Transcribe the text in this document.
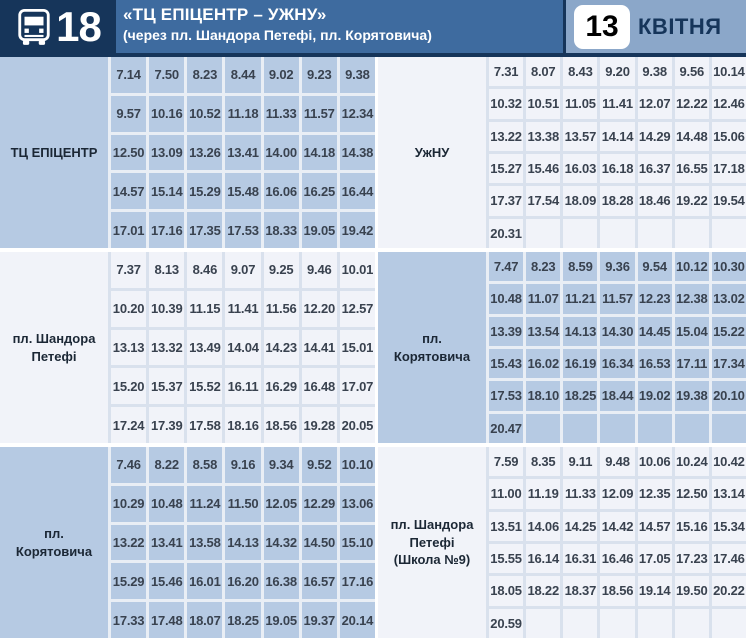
18 «ТЦ ЕПІЦЕНТР – УЖНУ»
(через пл. Шандора Петефі, пл. Корятовича)	13 КВІТНЯ
ТЦ ЕПІЦЕНТР
7.14	7.50	8.23	8.44	9.02	9.23	9.38
9.57 10.16 10.52 11.18 11.33 11.57 12.34
12.50 13.09 13.26 13.41 14.00 14.18 14.38
14.57 15.14 15.29 15.48 16.06 16.25 16.44
17.01 17.16 17.35 17.53 18.33 19.05 19.42
пл. Шандора Петефі
7.37	8.13	8.46	9.07	9.25	9.46 10.01
10.20 10.39 11.15 11.41 11.56 12.20 12.57
13.13 13.32 13.49 14.04 14.23 14.41 15.01
15.20 15.37 15.52 16.11 16.29 16.48 17.07
17.24 17.39 17.58 18.16 18.56 19.28 20.05
пл. Корятовича
7.46	8.22	8.58	9.16	9.34	9.52 10.10
10.29 10.48 11.24 11.50 12.05 12.29 13.06
13.22 13.41 13.58 14.13 14.32 14.50 15.10
15.29 15.46 16.01 16.20 16.38 16.57 17.16
17.33 17.48 18.07 18.25 19.05 19.37 20.14
УжНУ
7.31 8.07 8.43 9.20 9.38 9.56 10.14
10.32 10.51 11.05 11.41 12.07 12.22 12.46
13.22 13.38 13.57 14.14 14.29 14.48 15.06
15.27 15.46 16.03 16.18 16.37 16.55 17.18
17.37 17.54 18.09 18.28 18.46 19.22 19.54
20.31
пл. Корятовича
7.47 8.23 8.59 9.36 9.54 10.12 10.30
10.48 11.07 11.21 11.57 12.23 12.38 13.02
13.39 13.54 14.13 14.30 14.45 15.04 15.22
15.43 16.02 16.19 16.34 16.53 17.11 17.34
17.53 18.10 18.25 18.44 19.02 19.38 20.10
20.47
пл. Шандора Петефі (Школа №9)
7.59 8.35 9.11 9.48 10.06 10.24 10.42
11.00 11.19 11.33 12.09 12.35 12.50 13.14
13.51 14.06 14.25 14.42 14.57 15.16 15.34
15.55 16.14 16.31 16.46 17.05 17.23 17.46
18.05 18.22 18.37 18.56 19.14 19.50 20.22
20.59
